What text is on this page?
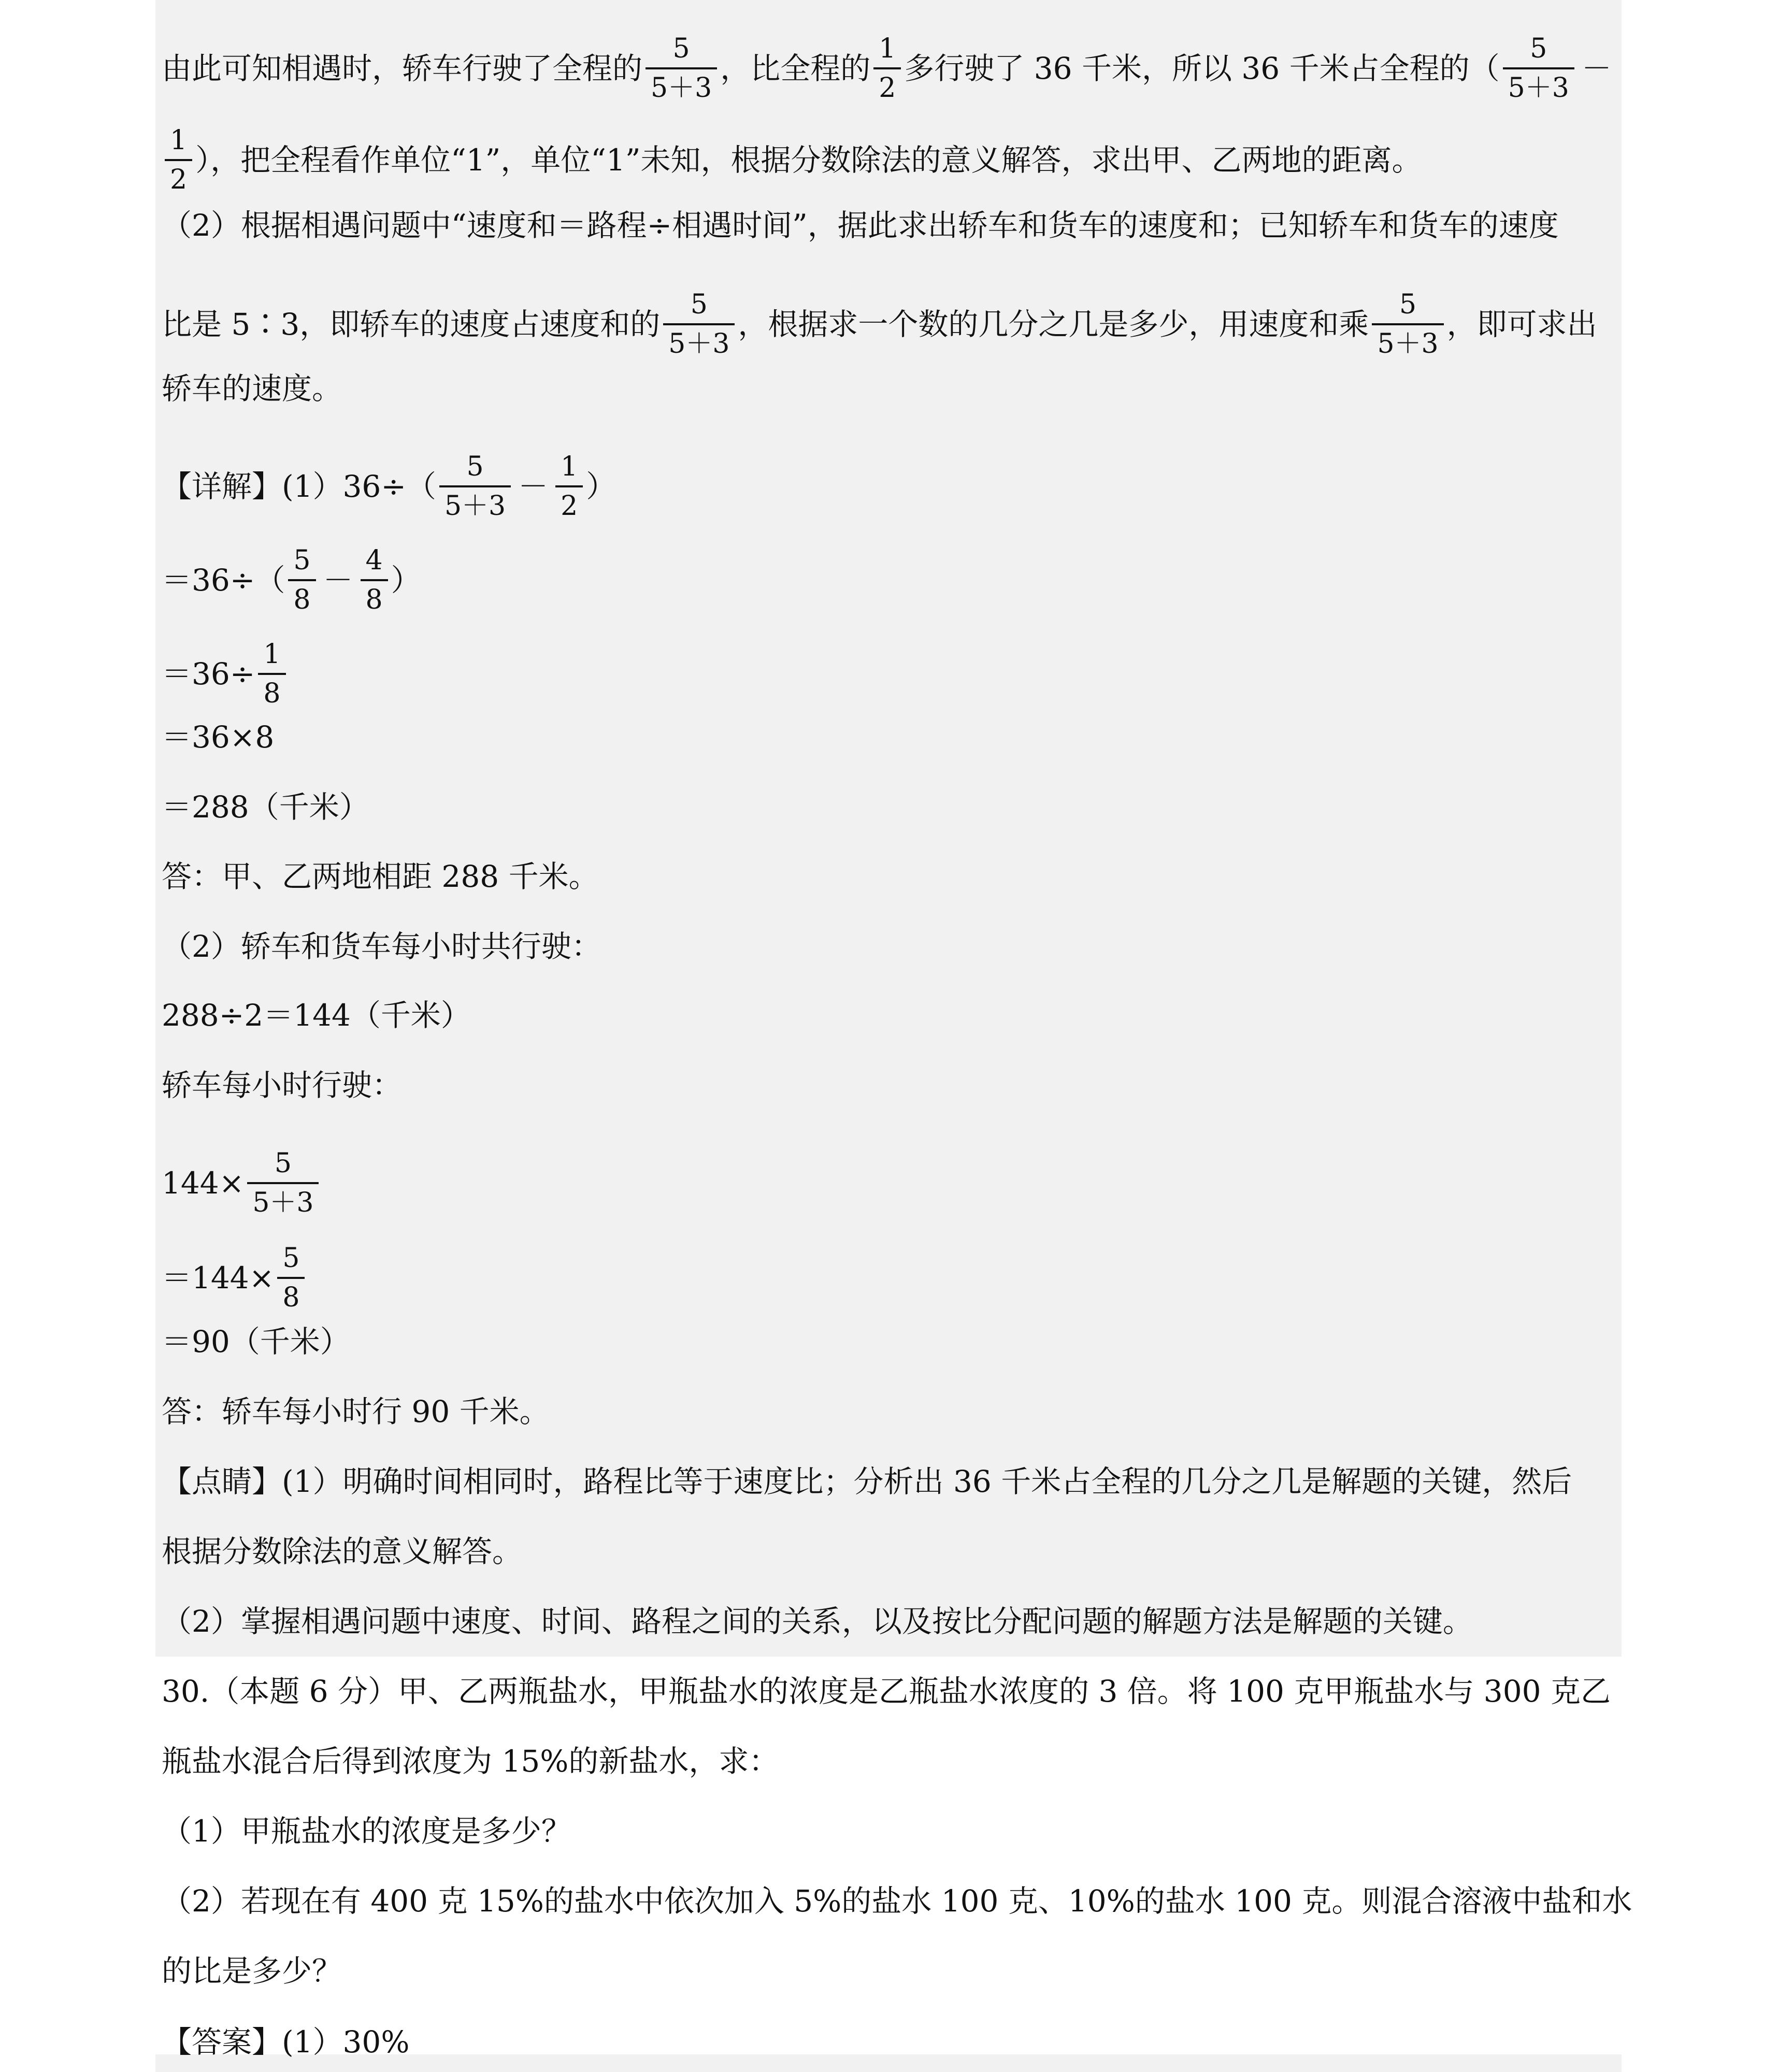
由此可知相遇时，轿车行驶了全程的
5
5＋3
，比全程的
1
2
多行驶了 36 千米，所以 36 千米占全程的（
5
5＋3
－
1
2
），把全程看作单位“1”，单位“1”未知，根据分数除法的意义解答，求出甲、乙两地的距离。
（2）根据相遇问题中“速度和＝路程÷相遇时间”，据此求出轿车和货车的速度和；已知轿车和货车的速度
比是 5∶3，即轿车的速度占速度和的
5
5＋3
，根据求一个数的几分之几是多少，用速度和乘
5
5＋3
，即可求出
轿车的速度。
【详解】(1）36÷（
5
5＋3
－
1
2
）
＝36÷（
5
8
－
4
8
）
$=36\div \frac{1}{8}$
＝36×8
＝288（千米）
答：甲、乙两地相距 288 千米。
（2）轿车和货车每小时共行驶：
288÷2＝144（千米）
轿车每小时行驶：
$144\times \frac{5}{5+3}$
$=144\times \frac{5}{8}$
＝90（千米）
答：轿车每小时行 90 千米。
【点睛】(1）明确时间相同时，路程比等于速度比；分析出 36 千米占全程的几分之几是解题的关键，然后
根据分数除法的意义解答。
（2）掌握相遇问题中速度、时间、路程之间的关系，以及按比分配问题的解题方法是解题的关键。
30.（本题 6 分）甲、乙两瓶盐水，甲瓶盐水的浓度是乙瓶盐水浓度的 3 倍。将 100 克甲瓶盐水与 300 克乙
瓶盐水混合后得到浓度为 15%的新盐水，求：
（1）甲瓶盐水的浓度是多少？
（2）若现在有 400 克 15%的盐水中依次加入 5%的盐水 100 克、10%的盐水 100 克。则混合溶液中盐和水
的比是多少？
【答案】(1）30%
